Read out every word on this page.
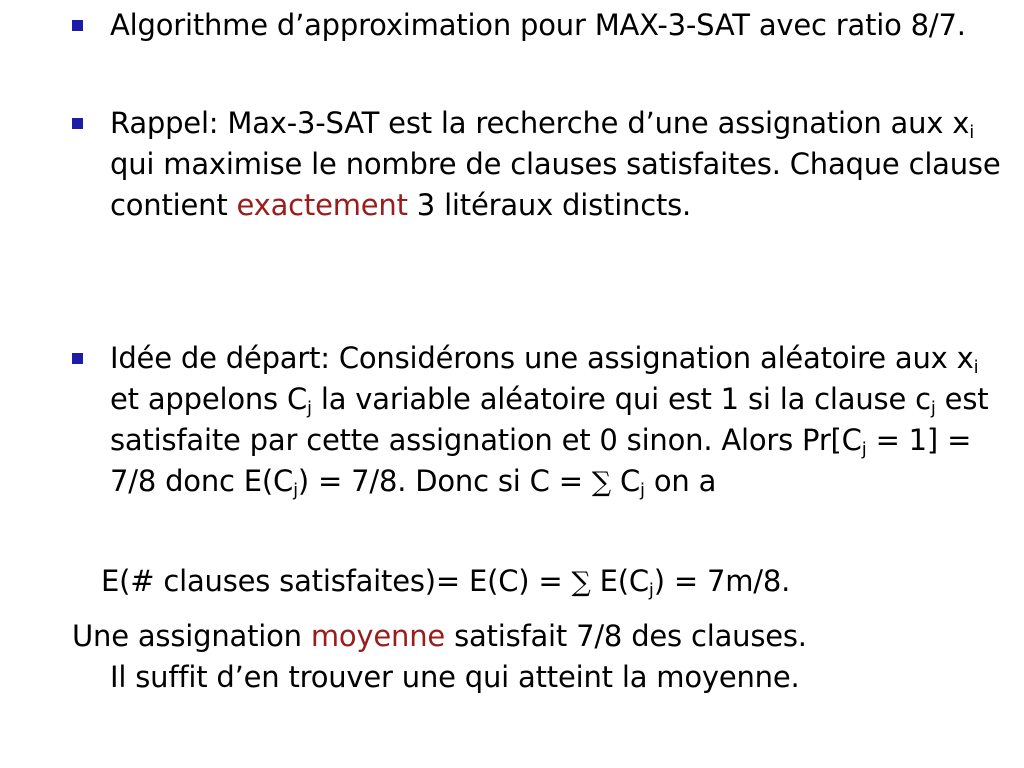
Algorithme d’approximation pour MAX-3-SAT avec ratio 8/7.
Rappel: Max-3-SAT est la recherche d’une assignation aux $x_i$ qui maximise le nombre de clauses satisfaites. Chaque clause contient exactement 3 litéraux distincts.
Idée de départ: Considérons une assignation aléatoire aux $x_i$ et appelons $C_j$ la variable aléatoire qui est 1 si la clause $c_j$ est satisfaite par cette assignation et 0 sinon. Alors $Pr[C_j = 1] = 7/8$ donc $E(C_j) = 7/8$. Donc si C = ∑ $C_j$ on a
E(# clauses satisfaites)= E(C) = ∑ $E(C_j) = 7m/8$.
Une assignation moyenne satisfait 7/8 des clauses.
Il suffit d’en trouver une qui atteint la moyenne.
